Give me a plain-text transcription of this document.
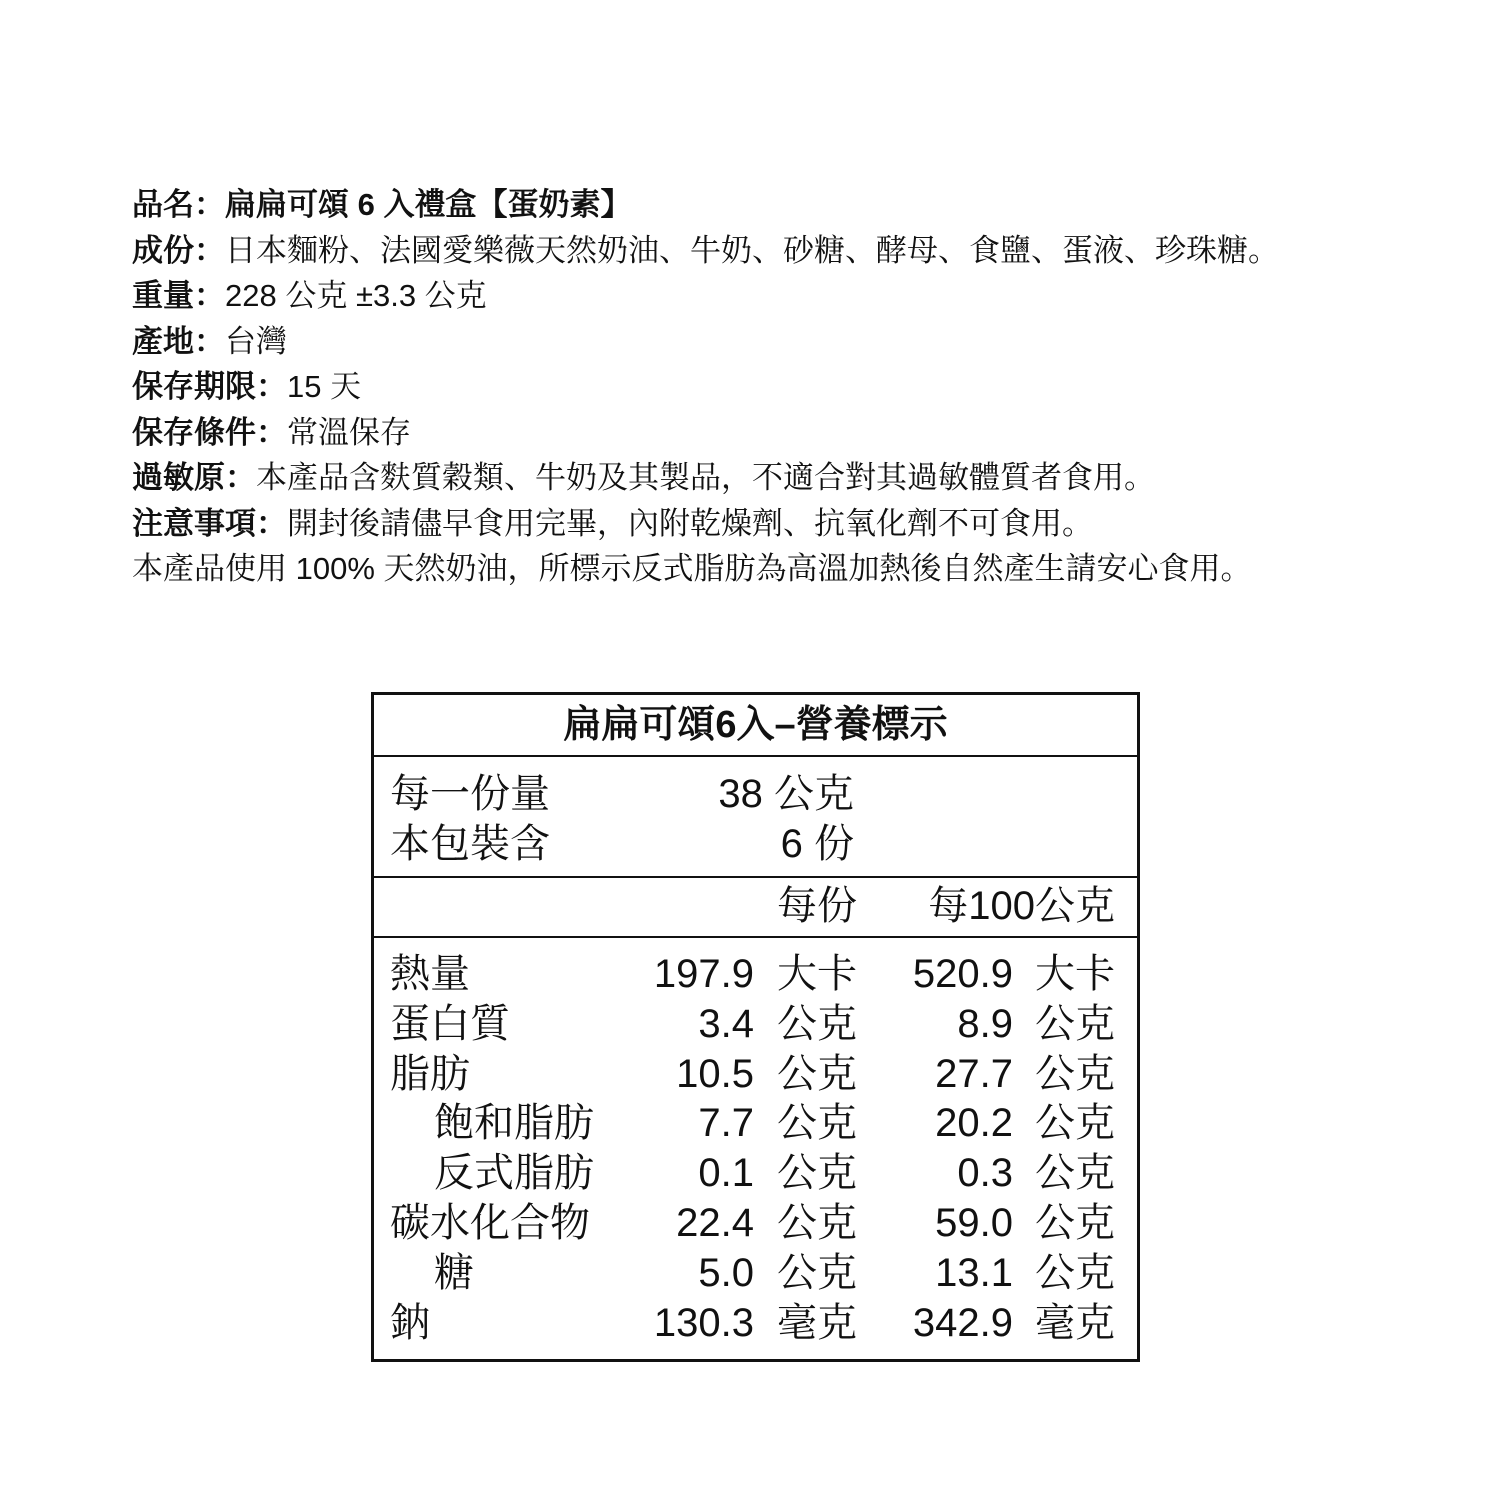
品名：扁扁可頌 6 入禮盒【蛋奶素】
成份：日本麵粉、法國愛樂薇天然奶油、牛奶、砂糖、酵母、食鹽、蛋液、珍珠糖。
重量：228 公克 ±3.3 公克
產地：台灣
保存期限：15 天
保存條件：常溫保存
過敏原：本產品含麩質穀類、牛奶及其製品，不適合對其過敏體質者食用。
注意事項：開封後請儘早食用完畢，內附乾燥劑、抗氧化劑不可食用。
本產品使用 100% 天然奶油，所標示反式脂肪為高溫加熱後自然產生請安心食用。
扁扁可頌6入–營養標示
每一份量	38 公克
本包裝含	6 份
每份 每100公克
熱量	197.9 大卡 520.9 大卡
蛋白質	3.4 公克	8.9 公克
脂肪	10.5 公克 27.7 公克
飽和脂肪	7.7 公克 20.2 公克
反式脂肪	0.1 公克	0.3 公克
碳水化合物 22.4 公克 59.0 公克
糖	5.0 公克 13.1 公克
鈉	130.3 毫克 342.9 毫克
